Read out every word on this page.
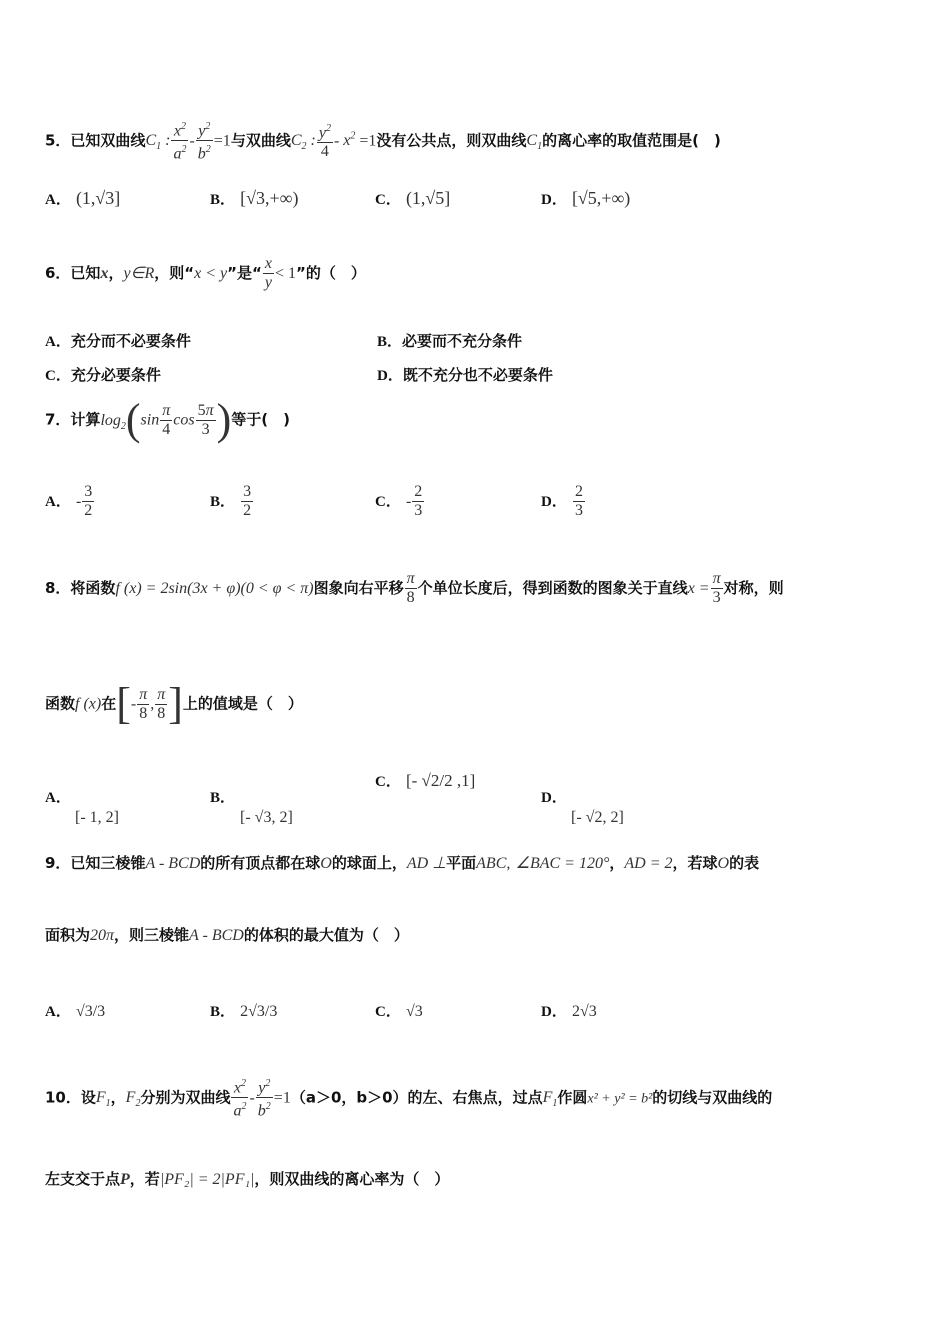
5．已知双曲线$C_1$ : $\frac{x^2}{a^2} - \frac{y^2}{b^2} =1$与双曲线$C_2$ : $\frac{y^2}{4} - x^2 =1$没有公共点，则双曲线$C_1$的离心率的取值范围是(　)
A． (1,√3]	B． [√3,+∞)	C． (1,√5]	D． [√5,+∞)
6．已知x，y∈R，则“x < y”是“ $\frac{x}{y} < 1$”的（　）
A．充分而不必要条件	B．必要而不充分条件
C．充分必要条件	D．既不充分也不必要条件
7．计算$\log_2(\sin \frac{\pi}{4}$ $\cos \frac{5\pi}{3}$ )等于(　)
A． - $\frac{3}{2}$	B． $\frac{3}{2}$	C． - $\frac{2}{3}$	D． $\frac{2}{3}$
8．将函数f (x) = 2sin(3x + φ)(0 < φ < π)图象向右平移 $\frac{\pi}{8}$ 个单位长度后，得到函数的图象关于直线$x = \frac{\pi}{3}$ 对称，则
函数f (x)在[- $\frac{\pi}{8}$ , $\frac{\pi}{8}$ ]上的值域是（　）
A．
[- 1, 2]
B．
[- √3, 2]
C． [- √2/2 ,1]
D．
[- √2, 2]
9．已知三棱锥A - BCD的所有顶点都在球O的球面上，AD ⊥平面ABC, ∠BAC = 120°，AD = 2，若球O的表
面积为20π，则三棱锥A - BCD的体积的最大值为（　）
A． √3/3	B． 2√3/3	C． √3	D． 2√3
10．设$F_1$，$F_2$分别为双曲线 $\frac{x^2}{a^2} - \frac{y^2}{b^2} =1(a>0$，b＞0）的左、右焦点，过点$F_1$作圆x² + y² = b²的切线与双曲线的
左支交于点P，若|PF₂| = 2|PF₁|，则双曲线的离心率为（　）
